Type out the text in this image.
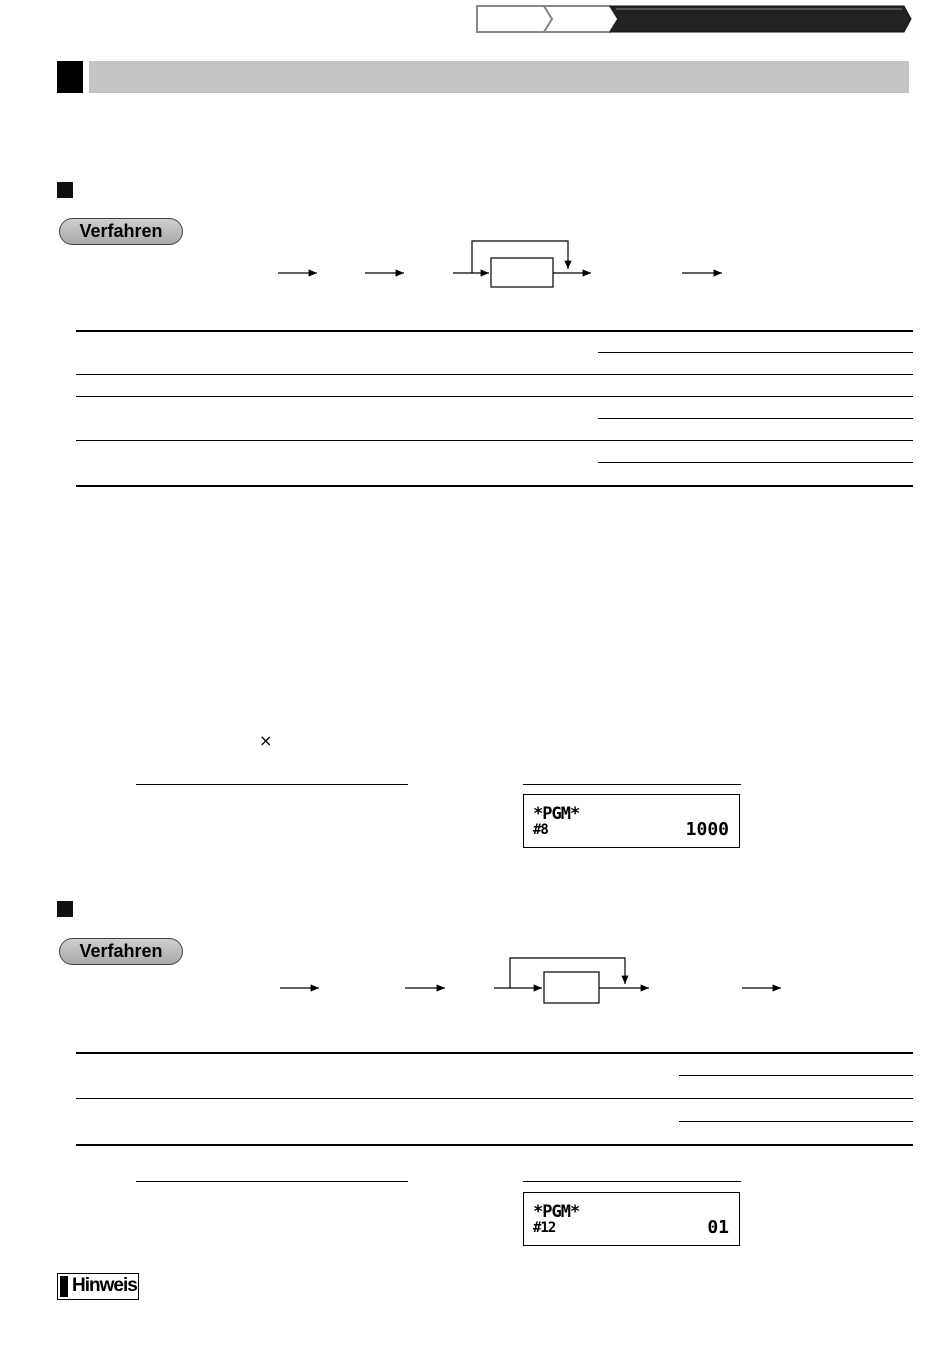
Verfahren
×
*PGM*
#8	1000
Verfahren
*PGM*
#12	01
Hinweis
